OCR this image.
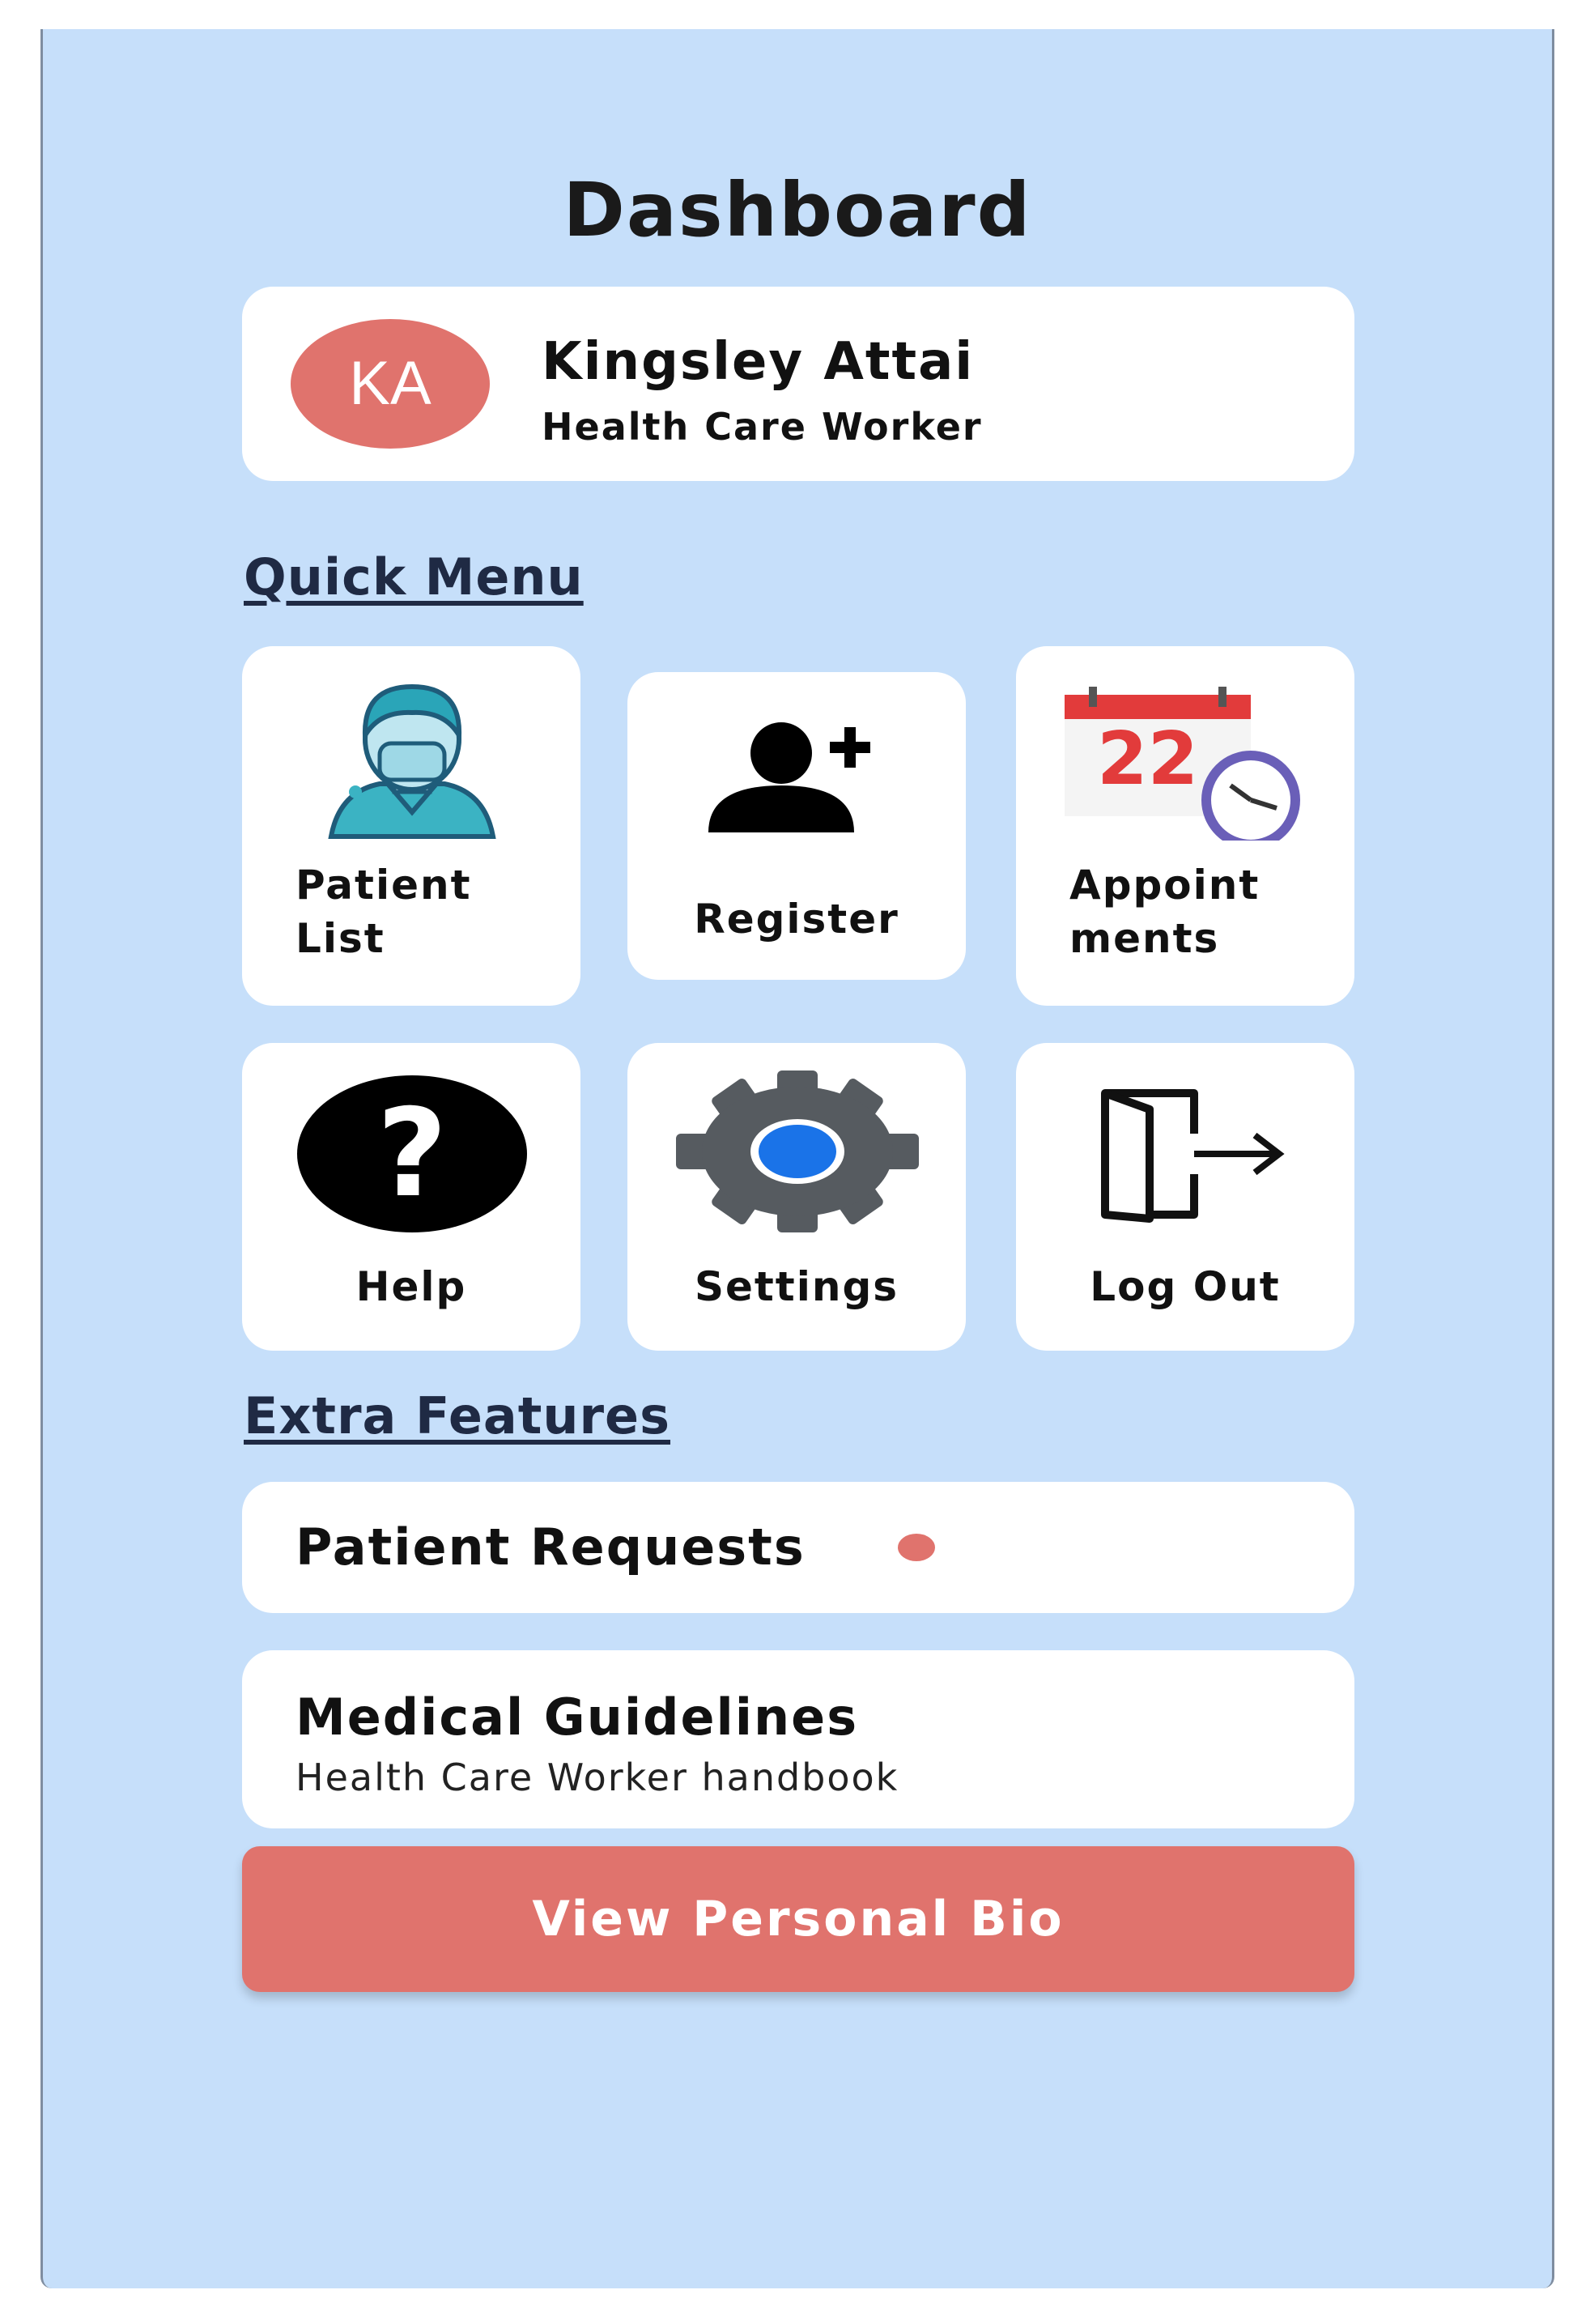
Dashboard
KA	Kingsley Attai
Health Care Worker
Quick Menu
Patient
List	Register
22
Appoint
ments
?
Help	Settings	Log Out
Extra Features
Patient Requests
Medical Guidelines
Health Care Worker handbook
View Personal Bio
